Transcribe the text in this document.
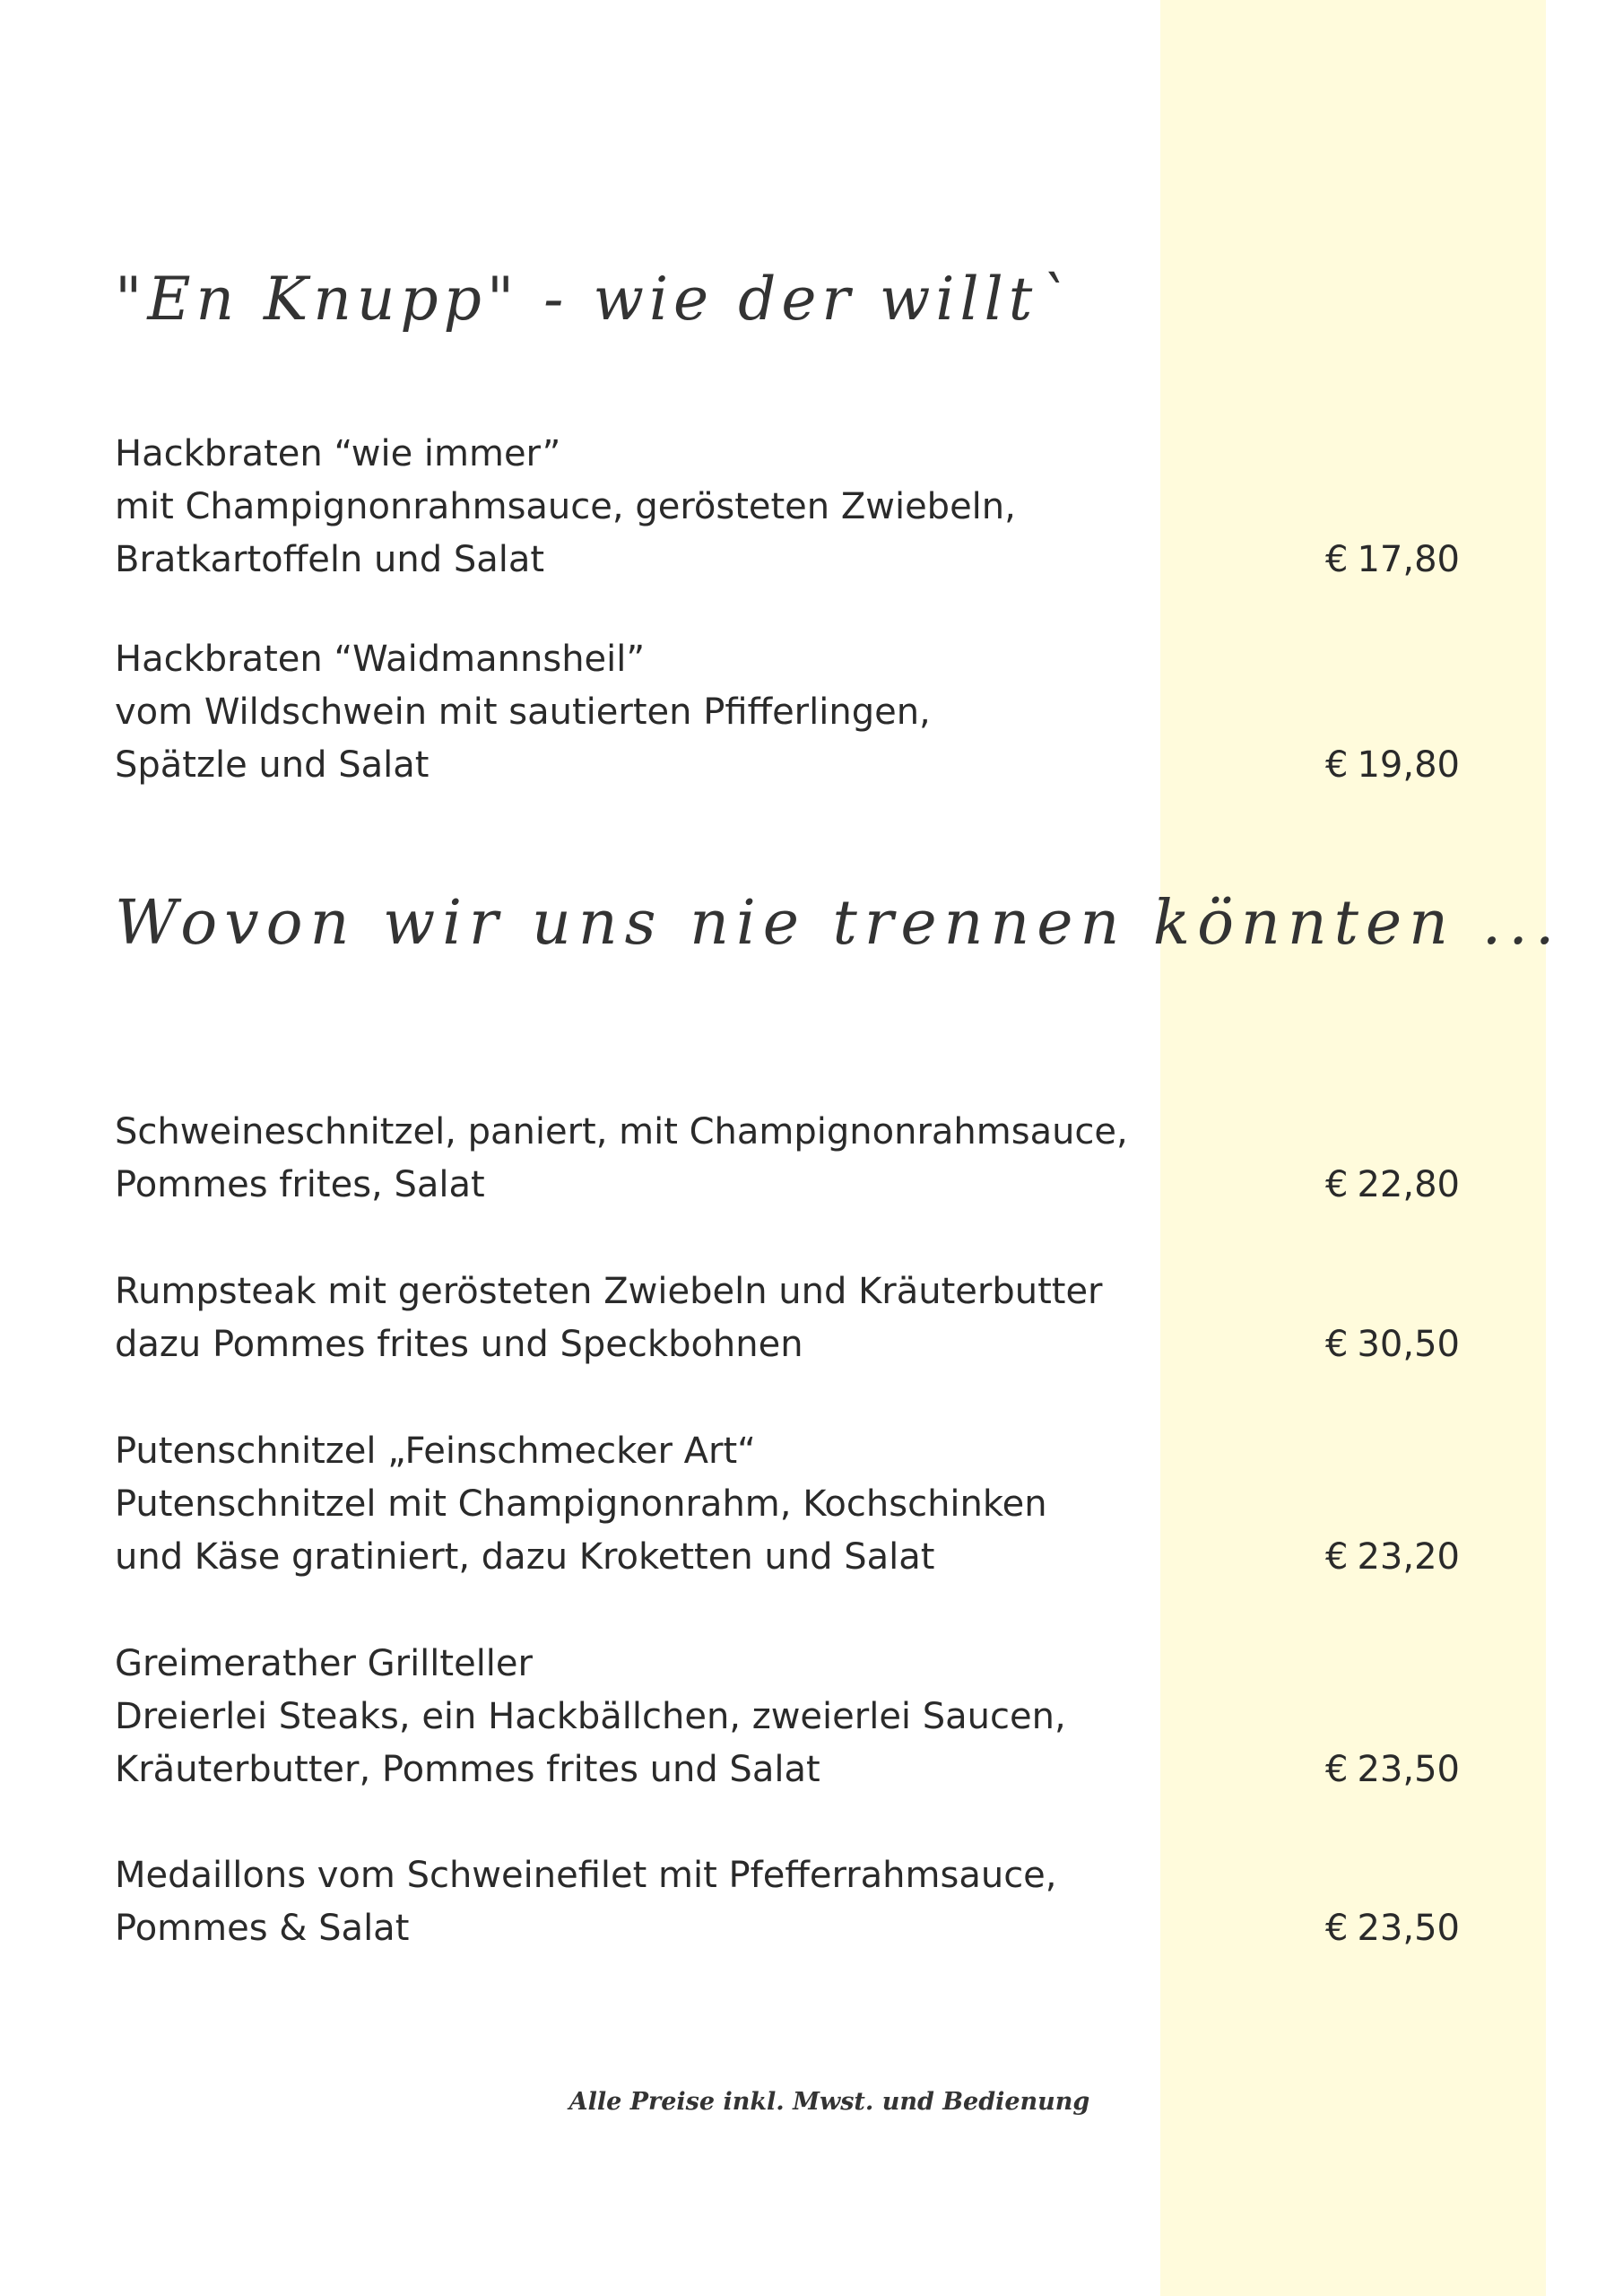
"En Knupp" - wie der willt`
Hackbraten “wie immer”
mit Champignonrahmsauce, gerösteten Zwiebeln,
Bratkartoffeln und Salat	€ 17,80
Hackbraten “Waidmannsheil”
vom Wildschwein mit sautierten Pfifferlingen,
Spätzle und Salat	€ 19,80
Wovon wir uns nie trennen könnten ...
Schweineschnitzel, paniert, mit Champignonrahmsauce,
Pommes frites, Salat	€ 22,80
Rumpsteak mit gerösteten Zwiebeln und Kräuterbutter
dazu Pommes frites und Speckbohnen	€ 30,50
Putenschnitzel „Feinschmecker Art“
Putenschnitzel mit Champignonrahm, Kochschinken
und Käse gratiniert, dazu Kroketten und Salat	€ 23,20
Greimerather Grillteller
Dreierlei Steaks, ein Hackbällchen, zweierlei Saucen,
Kräuterbutter, Pommes frites und Salat	€ 23,50
Medaillons vom Schweinefilet mit Pfefferrahmsauce,
Pommes & Salat	€ 23,50
Alle Preise inkl. Mwst. und Bedienung
